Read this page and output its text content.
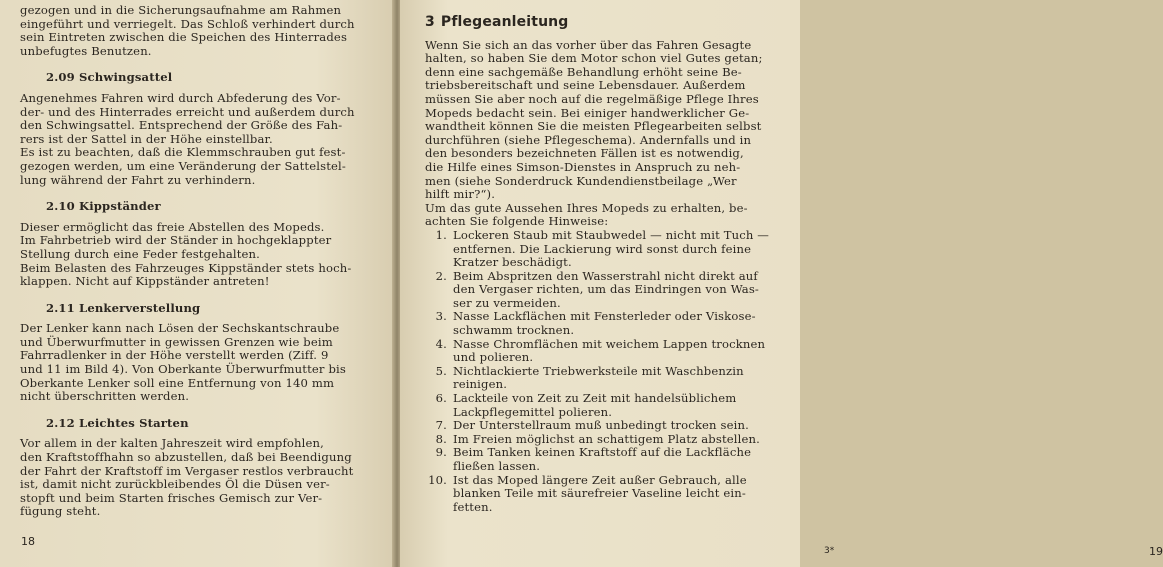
gezogen und in die Sicherungsaufnahme am Rahmen

eingeführt und verriegelt. Das Schloß verhindert durch

sein Eintreten zwischen die Speichen des Hinterrades

unbefugtes Benutzen.

2.09 Schwingsattel

Angenehmes Fahren wird durch Abfederung des Vor-

der- und des Hinterrades erreicht und außerdem durch

den Schwingsattel. Entsprechend der Größe des Fah-

rers ist der Sattel in der Höhe einstellbar.

Es ist zu beachten, daß die Klemmschrauben gut fest-

gezogen werden, um eine Veränderung der Sattelstel-

lung während der Fahrt zu verhindern.

2.10 Kippständer

Dieser ermöglicht das freie Abstellen des Mopeds.

Im Fahrbetrieb wird der Ständer in hochgeklappter

Stellung durch eine Feder festgehalten.

Beim Belasten des Fahrzeuges Kippständer stets hoch-

klappen. Nicht auf Kippständer antreten!

2.11 Lenkerverstellung

Der Lenker kann nach Lösen der Sechskantschraube

und Überwurfmutter in gewissen Grenzen wie beim

Fahrradlenker in der Höhe verstellt werden (Ziff. 9

und 11 im Bild 4). Von Oberkante Überwurfmutter bis

Oberkante Lenker soll eine Entfernung von 140 mm

nicht überschritten werden.

2.12 Leichtes Starten

Vor allem in der kalten Jahreszeit wird empfohlen,

den Kraftstoffhahn so abzustellen, daß bei Beendigung

der Fahrt der Kraftstoff im Vergaser restlos verbraucht

ist, damit nicht zurückbleibendes Öl die Düsen ver-

stopft und beim Starten frisches Gemisch zur Ver-

fügung steht.

18
3 Pflegeanleitung

Wenn Sie sich an das vorher über das Fahren Gesagte

halten, so haben Sie dem Motor schon viel Gutes getan;

denn eine sachgemäße Behandlung erhöht seine Be-

triebsbereitschaft und seine Lebensdauer. Außerdem

müssen Sie aber noch auf die regelmäßige Pflege Ihres

Mopeds bedacht sein. Bei einiger handwerklicher Ge-

wandtheit können Sie die meisten Pflegearbeiten selbst

durchführen (siehe Pflegeschema). Andernfalls und in

den besonders bezeichneten Fällen ist es notwendig,

die Hilfe eines Simson-Dienstes in Anspruch zu neh-

men (siehe Sonderdruck Kundendienstbeilage „Wer

hilft mir?“).

Um das gute Aussehen Ihres Mopeds zu erhalten, be-

achten Sie folgende Hinweise:

1. Lockeren Staub mit Staubwedel — nicht mit Tuch —
entfernen. Die Lackierung wird sonst durch feine
Kratzer beschädigt.
2. Beim Abspritzen den Wasserstrahl nicht direkt auf
den Vergaser richten, um das Eindringen von Was-
ser zu vermeiden.
3. Nasse Lackflächen mit Fensterleder oder Viskose-
schwamm trocknen.
4. Nasse Chromflächen mit weichem Lappen trocknen
und polieren.
5. Nichtlackierte Triebwerksteile mit Waschbenzin
reinigen.
6. Lackteile von Zeit zu Zeit mit handelsüblichem
Lackpflegemittel polieren.
7. Der Unterstellraum muß unbedingt trocken sein.
8. Im Freien möglichst an schattigem Platz abstellen.
9. Beim Tanken keinen Kraftstoff auf die Lackfläche
fließen lassen.
10. Ist das Moped längere Zeit außer Gebrauch, alle
blanken Teile mit säurefreier Vaseline leicht ein-
fetten.
3*	19
